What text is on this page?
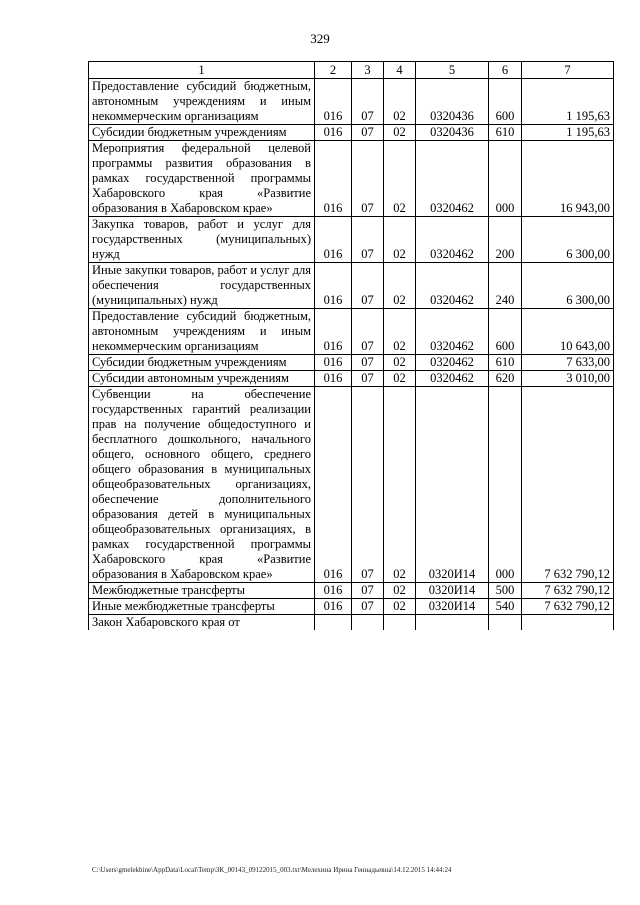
329
1	2	3	4	5	6	7
Предоставление субсидий бюджетным, автономным учреждениям и иным некоммерческим организациям	016	07	02	0320436	600	1 195,63
Субсидии бюджетным учреждениям	016	07	02	0320436	610	1 195,63
Мероприятия федеральной целевой программы развития образования в рамках государственной программы Хабаровского края «Развитие образования в Хабаровском крае»	016	07	02	0320462	000	16 943,00
Закупка товаров, работ и услуг для государственных (муниципальных) нужд	016	07	02	0320462	200	6 300,00
Иные закупки товаров, работ и услуг для обеспечения государственных (муниципальных) нужд	016	07	02	0320462	240	6 300,00
Предоставление субсидий бюджетным, автономным учреждениям и иным некоммерческим организациям	016	07	02	0320462	600	10 643,00
Субсидии бюджетным учреждениям	016	07	02	0320462	610	7 633,00
Субсидии автономным учреждениям	016	07	02	0320462	620	3 010,00
Субвенции на обеспечение государственных гарантий реализации прав на получение общедоступного и бесплатного дошкольного, начального общего, основного общего, среднего общего образования в муниципальных общеобразовательных организациях, обеспечение дополнительного образования детей в муниципальных общеобразовательных организациях, в рамках государственной программы Хабаровского края «Развитие образования в Хабаровском крае»	016	07	02	0320И14	000	7 632 790,12
Межбюджетные трансферты	016	07	02	0320И14	500	7 632 790,12
Иные межбюджетные трансферты	016	07	02	0320И14	540	7 632 790,12
Закон Хабаровского края от						
C:\Users\gmelekhine\AppData\Local\Temp\ЗК_00143_09122015_003.txt\Мелехина Ирина Геннадьевна\14.12.2015 14:44:24
